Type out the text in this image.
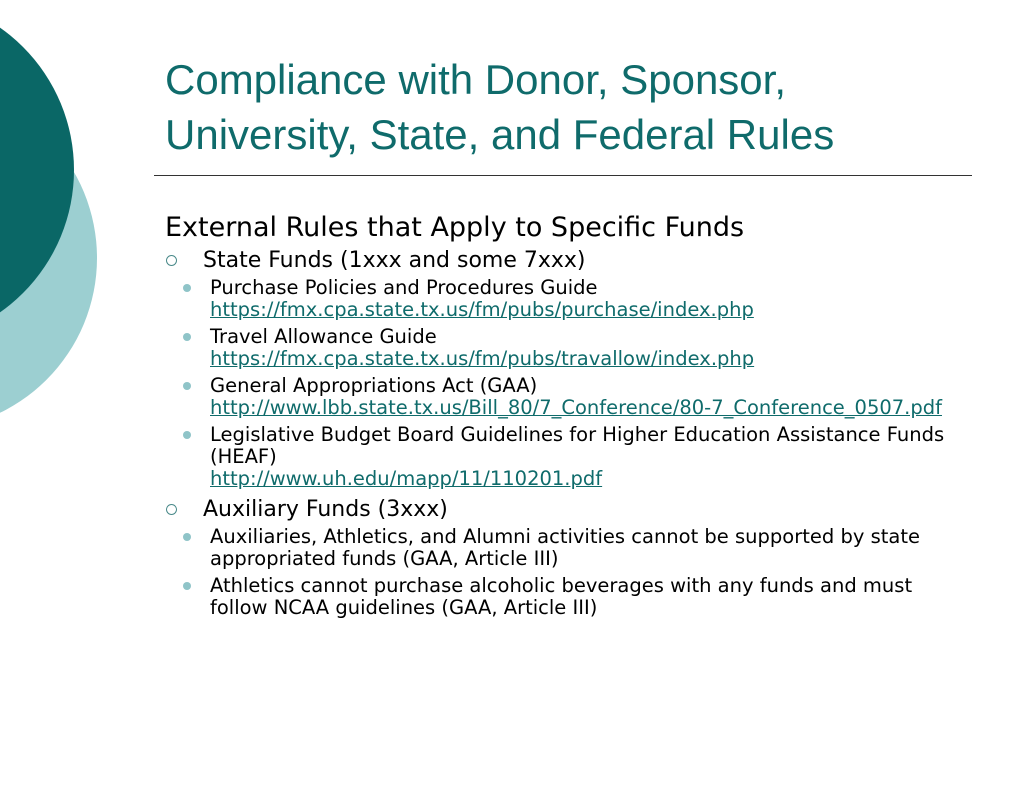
Compliance with Donor, Sponsor, University, State, and Federal Rules

External Rules that Apply to Specific Funds

State Funds (1xxx and some 7xxx)
Purchase Policies and Procedures Guide
https://fmx.cpa.state.tx.us/fm/pubs/purchase/index.php
Travel Allowance Guide
https://fmx.cpa.state.tx.us/fm/pubs/travallow/index.php
General Appropriations Act (GAA)
http://www.lbb.state.tx.us/Bill_80/7_Conference/80-7_Conference_0507.pdf
Legislative Budget Board Guidelines for Higher Education Assistance Funds (HEAF)
http://www.uh.edu/mapp/11/110201.pdf
Auxiliary Funds (3xxx)
Auxiliaries, Athletics, and Alumni activities cannot be supported by state appropriated funds (GAA, Article III)
Athletics cannot purchase alcoholic beverages with any funds and must follow NCAA guidelines (GAA, Article III)
